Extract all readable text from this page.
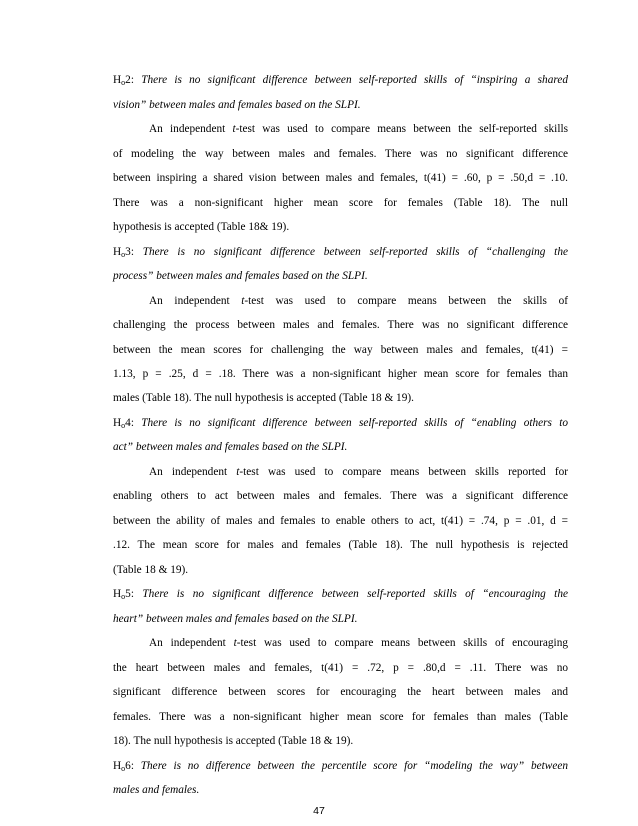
$H_o2$: There is no significant difference between self-reported skills of “inspiring a shared
vision” between males and females based on the SLPI.
An independent t-test was used to compare means between the self-reported skills
of modeling the way between males and females. There was no significant difference
between inspiring a shared vision between males and females, t(41) = .60, p = .50,d = .10.
There was a non-significant higher mean score for females (Table 18). The null
hypothesis is accepted (Table 18& 19).
$H_o3$: There is no significant difference between self-reported skills of “challenging the
process” between males and females based on the SLPI.
An independent t-test was used to compare means between the skills of
challenging the process between males and females. There was no significant difference
between the mean scores for challenging the way between males and females, t(41) =
1.13, p = .25, d = .18. There was a non-significant higher mean score for females than
males (Table 18). The null hypothesis is accepted (Table 18 & 19).
$H_o4$: There is no significant difference between self-reported skills of “enabling others to
act” between males and females based on the SLPI.
An independent t-test was used to compare means between skills reported for
enabling others to act between males and females. There was a significant difference
between the ability of males and females to enable others to act, t(41) = .74, p = .01, d =
.12. The mean score for males and females (Table 18). The null hypothesis is rejected
(Table 18 & 19).
$H_o5$: There is no significant difference between self-reported skills of “encouraging the
heart” between males and females based on the SLPI.
An independent t-test was used to compare means between skills of encouraging
the heart between males and females, t(41) = .72, p = .80,d = .11. There was no
significant difference between scores for encouraging the heart between males and
females. There was a non-significant higher mean score for females than males (Table
18). The null hypothesis is accepted (Table 18 & 19).
$H_o6$: There is no difference between the percentile score for “modeling the way” between
males and females.
47
